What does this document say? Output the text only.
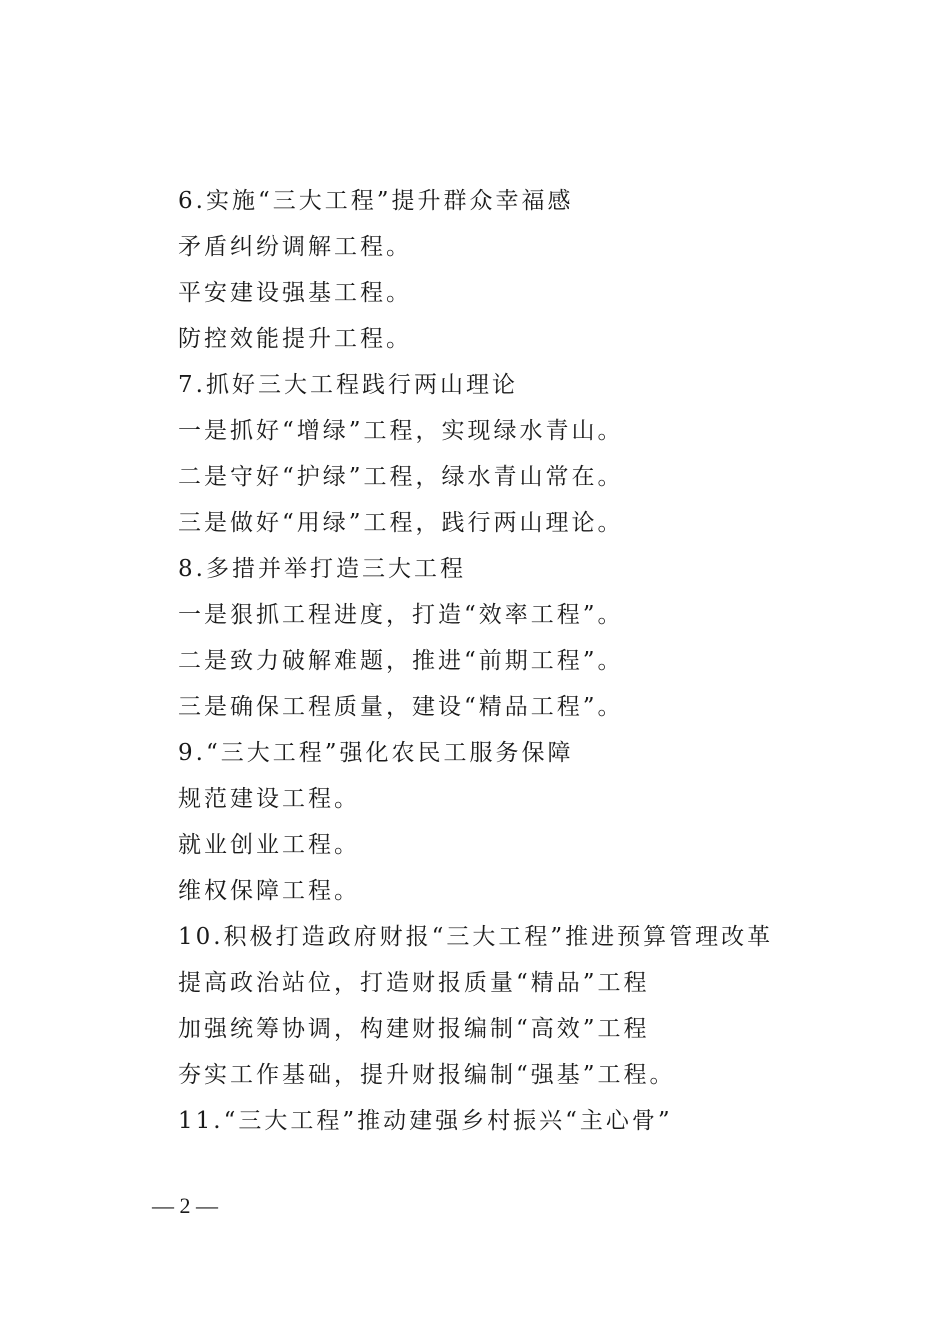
6.实施“三大工程”提升群众幸福感
矛盾纠纷调解工程。
平安建设强基工程。
防控效能提升工程。
7.抓好三大工程践行两山理论
一是抓好“增绿”工程，实现绿水青山。
二是守好“护绿”工程，绿水青山常在。
三是做好“用绿”工程，践行两山理论。
8.多措并举打造三大工程
一是狠抓工程进度，打造“效率工程”。
二是致力破解难题，推进“前期工程”。
三是确保工程质量，建设“精品工程”。
9.“三大工程”强化农民工服务保障
规范建设工程。
就业创业工程。
维权保障工程。
10.积极打造政府财报“三大工程”推进预算管理改革
提高政治站位，打造财报质量“精品”工程
加强统筹协调，构建财报编制“高效”工程
夯实工作基础，提升财报编制“强基”工程。
11.“三大工程”推动建强乡村振兴“主心骨”
— 2 —
